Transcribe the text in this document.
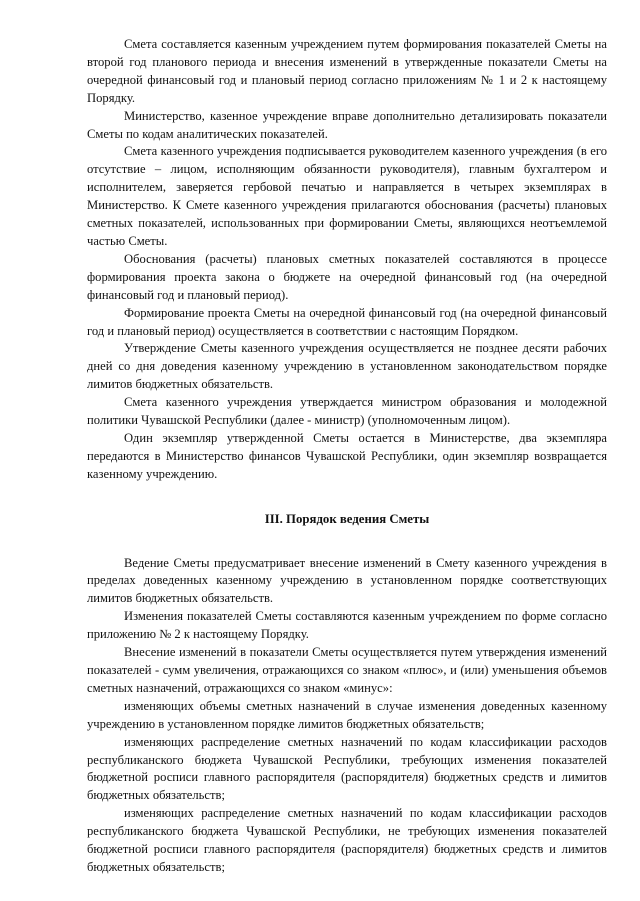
Смета составляется казенным учреждением путем формирования показателей Сметы на второй год планового периода и внесения изменений в утвержденные показатели Сметы на очередной финансовый год и плановый период согласно приложениям № 1 и 2 к настоящему Порядку.

Министерство, казенное учреждение вправе дополнительно детализировать показатели Сметы по кодам аналитических показателей.

Смета казенного учреждения подписывается руководителем казенного учреждения (в его отсутствие – лицом, исполняющим обязанности руководителя), главным бухгалтером и исполнителем, заверяется гербовой печатью и направляется в четырех экземплярах в Министерство. К Смете казенного учреждения прилагаются обоснования (расчеты) плановых сметных показателей, использованных при формировании Сметы, являющихся неотъемлемой частью Сметы.

Обоснования (расчеты) плановых сметных показателей составляются в процессе формирования проекта закона о бюджете на очередной финансовый год (на очередной финансовый год и плановый период).

Формирование проекта Сметы на очередной финансовый год (на очередной финансовый год и плановый период) осуществляется в соответствии с настоящим Порядком.

Утверждение Сметы казенного учреждения осуществляется не позднее десяти рабочих дней со дня доведения казенному учреждению в установленном законодательством порядке лимитов бюджетных обязательств.

Смета казенного учреждения утверждается министром образования и молодежной политики Чувашской Республики (далее - министр) (уполномоченным лицом).

Один экземпляр утвержденной Сметы остается в Министерстве, два экземпляра передаются в Министерство финансов Чувашской Республики, один экземпляр возвращается казенному учреждению.

III. Порядок ведения Сметы

Ведение Сметы предусматривает внесение изменений в Смету казенного учреждения в пределах доведенных казенному учреждению в установленном порядке соответствующих лимитов бюджетных обязательств.

Изменения показателей Сметы составляются казенным учреждением по форме согласно приложению № 2 к настоящему Порядку.

Внесение изменений в показатели Сметы осуществляется путем утверждения изменений показателей - сумм увеличения, отражающихся со знаком «плюс», и (или) уменьшения объемов сметных назначений, отражающихся со знаком «минус»:

изменяющих объемы сметных назначений в случае изменения доведенных казенному учреждению в установленном порядке лимитов бюджетных обязательств;

изменяющих распределение сметных назначений по кодам классификации расходов республиканского бюджета Чувашской Республики, требующих изменения показателей бюджетной росписи главного распорядителя (распорядителя) бюджетных средств и лимитов бюджетных обязательств;

изменяющих распределение сметных назначений по кодам классификации расходов республиканского бюджета Чувашской Республики, не требующих изменения показателей бюджетной росписи главного распорядителя (распорядителя) бюджетных средств и лимитов бюджетных обязательств;
